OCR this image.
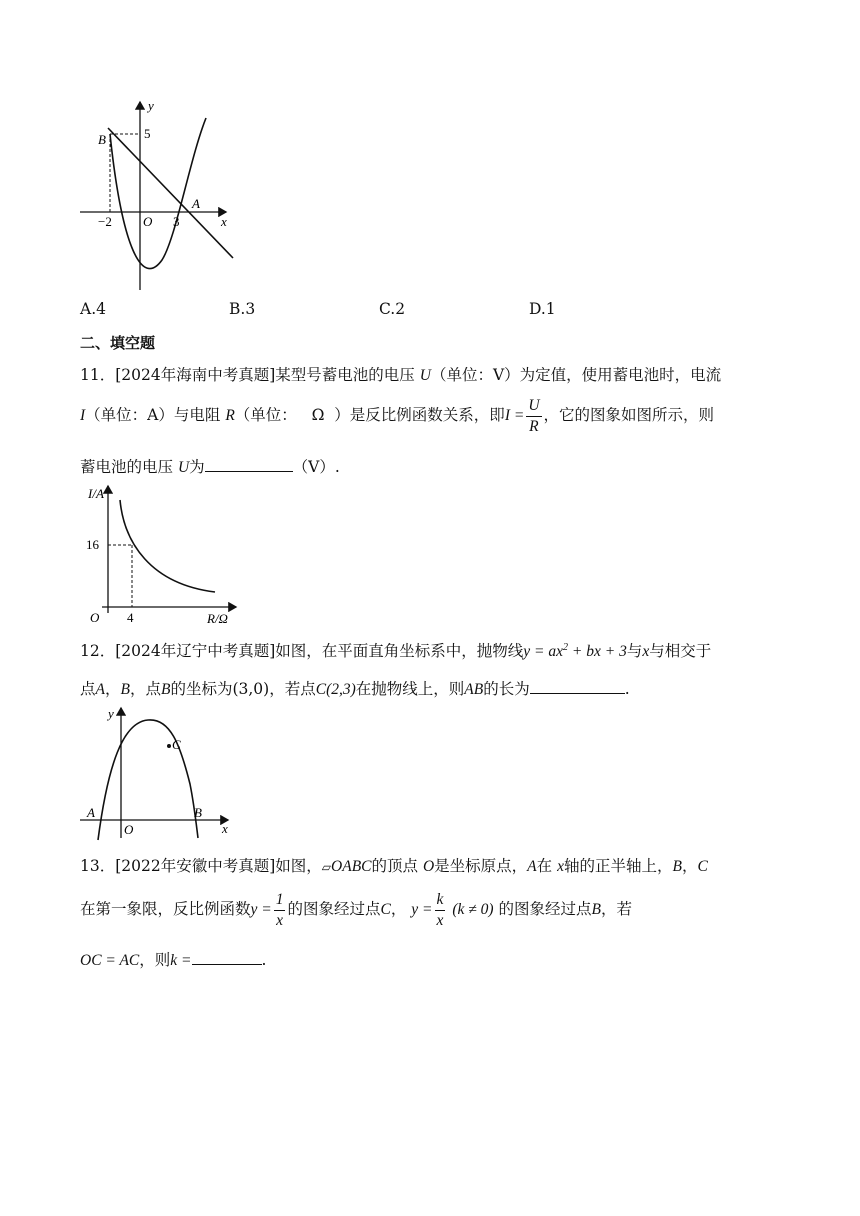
y
x
B
A
O
5
−2	3
A.4	B.3	C.2	D.1
二、填空题
11．[2024年海南中考真题]某型号蓄电池的电压 U（单位：V）为定值，使用蓄电池时，电流
I （单位：A）与电阻
R （单位：
Ω
）是反比例函数关系，即 $I = \frac{U}{R}$ ，它的图象如图所示，则
蓄电池的电压 U为	（V）.
I/A
R/Ω
O
16
4
12．[2024年辽宁中考真题]如图，在平面直角坐标系中，抛物线$y = ax^2$ + bx + 3与x与相交于
点A，B，点B的坐标为(3,0)，若点C(2,3)在抛物线上，则AB的长为	.
y
x
O
A	B
C
13．[2022年安徽中考真题]如图，▱OABC的顶点 O是坐标原点，A在 x轴的正半轴上，B，C
在第一象限，反比例函数 $y = \frac{1}{x}$ 的图象经过点 C ，
$y = \frac{k}{x}$
(k ≠ 0)
的图象经过点 B ，若
OC = AC，则k =	.
